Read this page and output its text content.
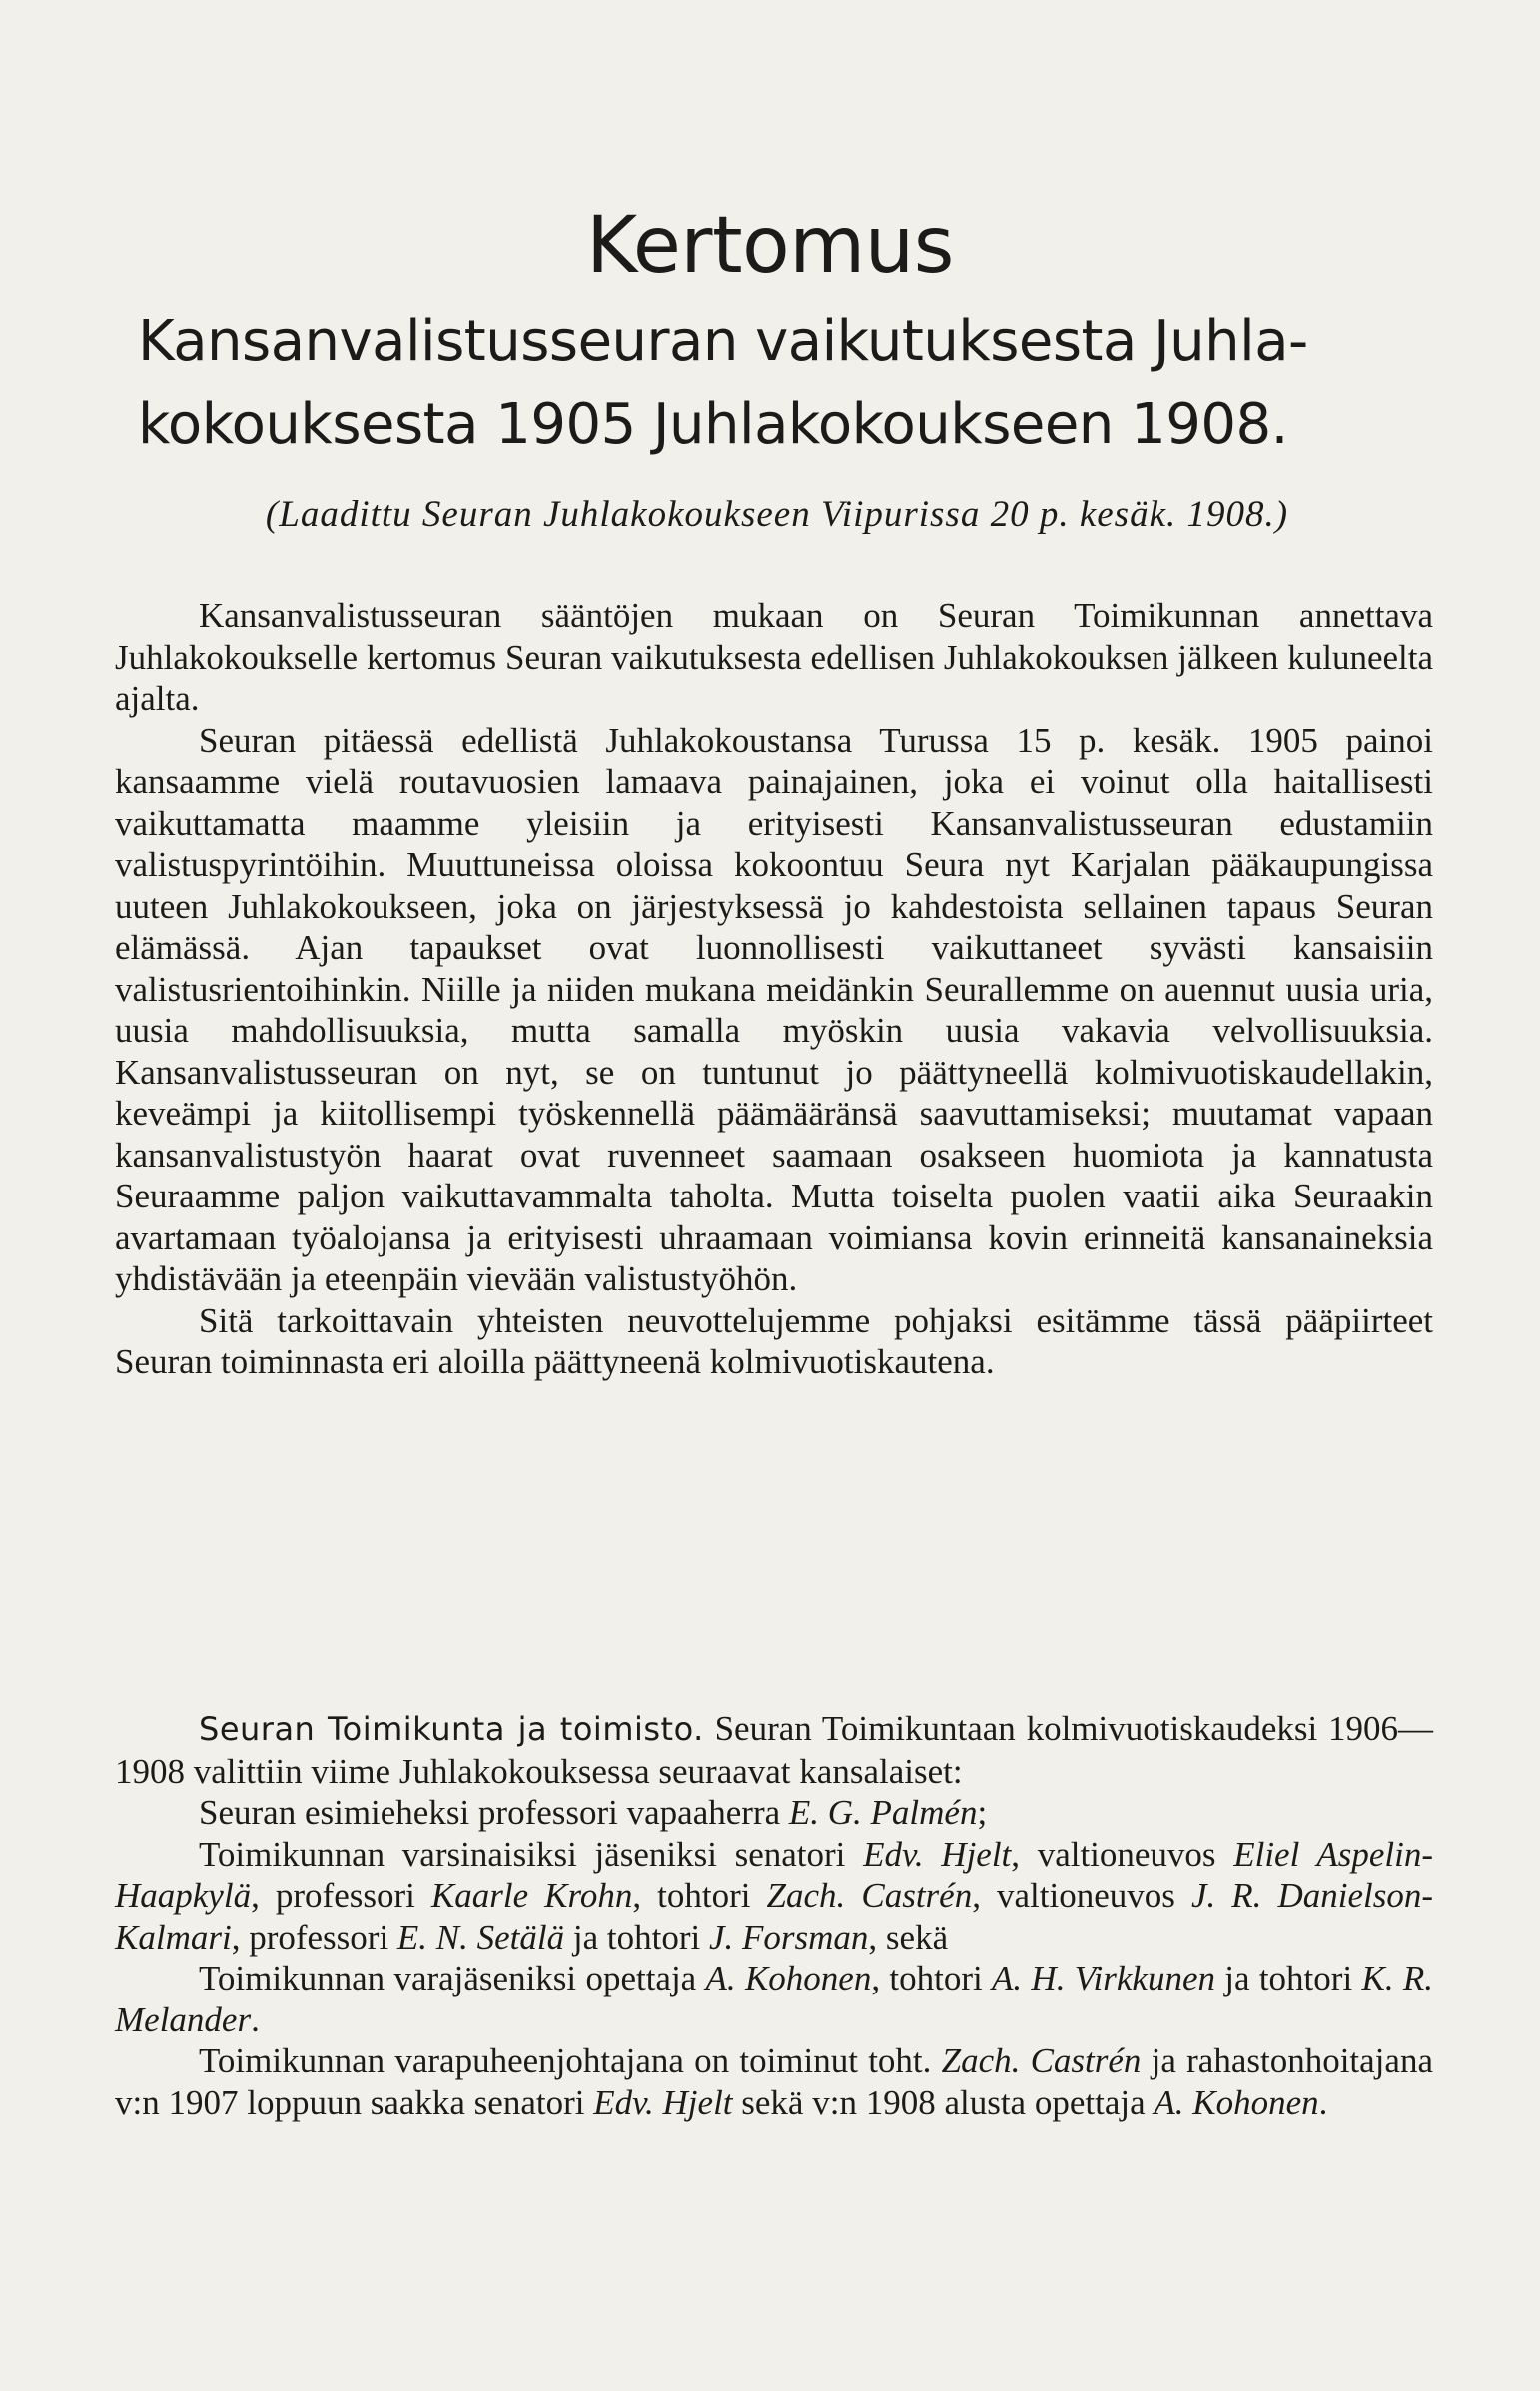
Kertomus
Kansanvalistusseuran vaikutuksesta Juhla-
kokouksesta 1905 Juhlakokoukseen 1908.
(Laadittu Seuran Juhlakokoukseen Viipurissa 20 p. kesäk. 1908.)

Kansanvalistusseuran sääntöjen mukaan on Seuran Toimikunnan annettava Juhlakokoukselle kertomus Seuran vaikutuksesta edellisen Juhlakokouksen jälkeen kuluneelta ajalta.

Seuran pitäessä edellistä Juhlakokoustansa Turussa 15 p. kesäk. 1905 painoi kansaamme vielä routavuosien lamaava painajainen, joka ei voinut olla haitallisesti vaikuttamatta maamme yleisiin ja erityisesti Kansanvalistusseuran edustamiin valistuspyrintöihin. Muuttuneissa oloissa kokoontuu Seura nyt Karjalan pääkaupungissa uuteen Juhlakokoukseen, joka on järjestyksessä jo kahdestoista sellainen tapaus Seuran elämässä. Ajan tapaukset ovat luonnollisesti vaikuttaneet syvästi kansaisiin valistusrientoihinkin. Niille ja niiden mukana meidänkin Seurallemme on auennut uusia uria, uusia mahdollisuuksia, mutta samalla myöskin uusia vakavia velvollisuuksia. Kansanvalistusseuran on nyt, se on tuntunut jo päättyneellä kolmivuotiskaudellakin, keveämpi ja kiitollisempi työskennellä päämääränsä saavuttamiseksi; muutamat vapaan kansanvalistustyön haarat ovat ruvenneet saamaan osakseen huomiota ja kannatusta Seuraamme paljon vaikuttavammalta taholta. Mutta toiselta puolen vaatii aika Seuraakin avartamaan työalojansa ja erityisesti uhraamaan voimiansa kovin erinneitä kansanaineksia yhdistävään ja eteenpäin vievään valistustyöhön.

Sitä tarkoittavain yhteisten neuvottelujemme pohjaksi esitämme tässä pääpiirteet Seuran toiminnasta eri aloilla päättyneenä kolmivuotiskautena.

Seuran Toimikunta ja toimisto. Seuran Toimikuntaan kolmivuotiskaudeksi 1906—1908 valittiin viime Juhlakokouksessa seuraavat kansalaiset:

Seuran esimieheksi professori vapaaherra E. G. Palmén;

Toimikunnan varsinaisiksi jäseniksi senatori Edv. Hjelt, valtioneuvos Eliel Aspelin-Haapkylä, professori Kaarle Krohn, tohtori Zach. Castrén, valtioneuvos J. R. Danielson-Kalmari, professori E. N. Setälä ja tohtori J. Forsman, sekä

Toimikunnan varajäseniksi opettaja A. Kohonen, tohtori A. H. Virkkunen ja tohtori K. R. Melander.

Toimikunnan varapuheenjohtajana on toiminut toht. Zach. Castrén ja rahastonhoitajana v:n 1907 loppuun saakka senatori Edv. Hjelt sekä v:n 1908 alusta opettaja A. Kohonen.
